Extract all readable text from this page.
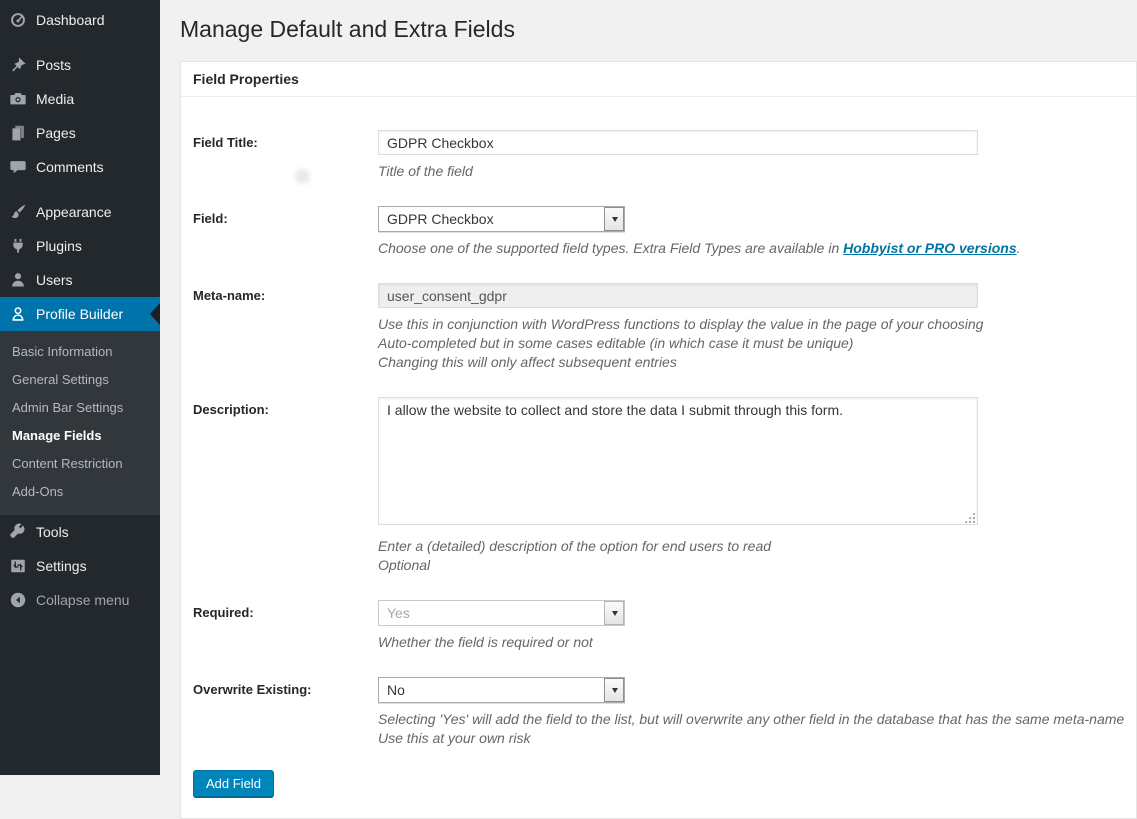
Dashboard
Posts
Media
Pages
Comments
Appearance
Plugins
Users
Profile Builder
Basic Information
General Settings
Admin Bar Settings
Manage Fields
Content Restriction
Add-Ons
Tools
Settings
Collapse menu
Manage Default and Extra Fields
Field Properties
Field Title:
GDPR Checkbox

Title of the field

Field:	GDPR Checkbox

Choose one of the supported field types. Extra Field Types are available in Hobbyist or PRO versions.

Meta-name:
user_consent_gdpr

Use this in conjunction with WordPress functions to display the value in the page of your choosing

Auto-completed but in some cases editable (in which case it must be unique)

Changing this will only affect subsequent entries

Description:
I allow the website to collect and store the data I submit through this form.

Enter a (detailed) description of the option for end users to read

Optional

Required:	Yes

Whether the field is required or not

Overwrite Existing:	No

Selecting 'Yes' will add the field to the list, but will overwrite any other field in the database that has the same meta-name

Use this at your own risk

Add Field
